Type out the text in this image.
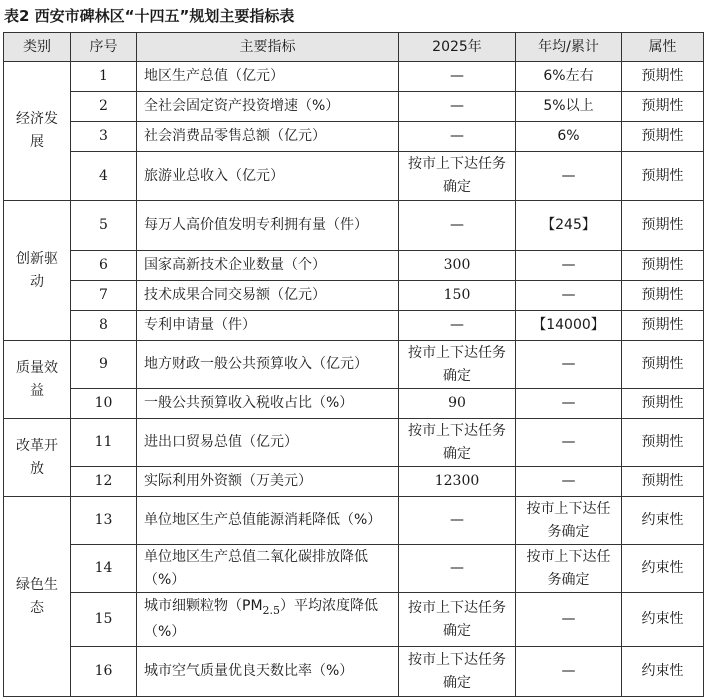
表2 西安市碑林区“十四五”规划主要指标表
类别	序号	主要指标	2025年	年均/累计	属性
经济发展	1	地区生产总值（亿元）	—	6%左右	预期性
	2	全社会固定资产投资增速（%）	—	5%以上	预期性
	3	社会消费品零售总额（亿元）	—	6%	预期性
	4	旅游业总收入（亿元）	按市上下达任务确定	—	预期性
创新驱动	5	每万人高价值发明专利拥有量（件）	—	【245】	预期性
	6	国家高新技术企业数量（个）	300	—	预期性
	7	技术成果合同交易额（亿元）	150	—	预期性
	8	专利申请量（件）	—	【14000】	预期性
质量效益	9	地方财政一般公共预算收入（亿元）	按市上下达任务确定	—	预期性
	10	一般公共预算收入税收占比（%）	90	—	预期性
改革开放	11	进出口贸易总值（亿元）	按市上下达任务确定	—	预期性
	12	实际利用外资额（万美元）	12300	—	预期性
绿色生态	13	单位地区生产总值能源消耗降低（%）	—	按市上下达任务确定	约束性
	14	单位地区生产总值二氧化碳排放降低（%）	—	按市上下达任务确定	约束性
	15	城市细颗粒物$(PM_{2.5})$平均浓度降低（%）	按市上下达任务确定	—	约束性
	16	城市空气质量优良天数比率（%）	按市上下达任务确定	—	约束性
